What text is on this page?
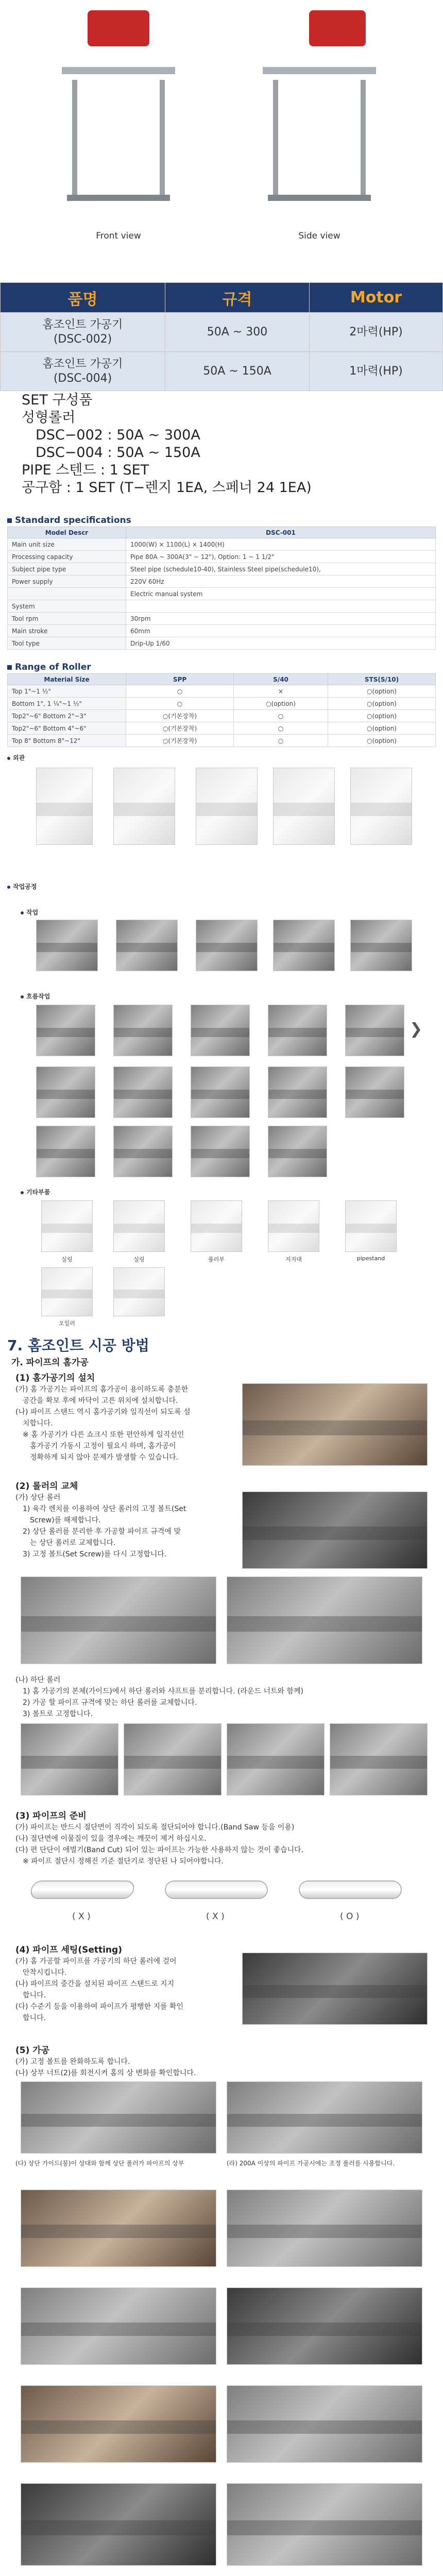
Front view	Side view
품명	규격	Motor
홈조인트 가공기
(DSC-002)	50A ~ 300	2마력(HP)
홈조인트 가공기
(DSC-004)	50A ~ 150A	1마력(HP)
SET 구성품
성형롤러
　DSC−002 : 50A ~ 300A
　DSC−004 : 50A ~ 150A
PIPE 스텐드 : 1 SET
공구함 : 1 SET (T−렌지 1EA, 스페너 24 1EA)
Standard specifications
Model Descr	DSC-001
Main unit size	1000(W) × 1100(L) × 1400(H)
Processing capacity	Pipe 80A ~ 300A(3" ~ 12"), Option: 1 ~ 1 1/2"
Subject pipe type	Steel pipe (schedule10-40), Stainless Steel pipe(schedule10),
Power supply	220V 60Hz
	Electric manual system
System	
Tool rpm	30rpm
Main stroke	60mm
Tool type	Drip-Up 1/60
Range of Roller
Material Size	SPP	S/40	STS(S/10)
Top 1"~1 ½"	○	×	○(option)
Bottom 1", 1 ¼"~1 ½"	○	○(option)	○(option)
Top2"~6" Bottom 2"~3"	○(기본장착)	○	○(option)
Top2"~6" Bottom 4"~6"	○(기본장착)	○	○(option)
Top 8" Bottom 8"~12"	○(기본장착)	○	○(option)
외관
작업공정
작업
흐름작업
❯
기타부품
실링	실링	롤러부	지지대	pipestand
오일러
7. 홈조인트 시공 방법
가. 파이프의 홈가공
(1) 홈가공기의 설치
(가) 홈 가공기는 파이프의 홈가공이 용이하도록 충분한
　공간을 확보 후에 바닥이 고른 위치에 설치합니다.
(나) 파이프 스탠드 역시 홈가공기와 일직선이 되도록 설
　치합니다.
　※ 홈 가공기가 다른 쇼크시 또한 편안하게 일직선인
　　홈가공기 가동시 고정이 필요시 하며, 홈가공이
　　정확하게 되지 않아 문제가 발생할 수 있습니다.
(2) 롤러의 교체
(가) 상단 롤러
　1) 육각 렌치를 이용하여 상단 롤러의 고정 볼트(Set
　　Screw)를 해제합니다.
　2) 상단 롤러를 분리한 후 가공할 파이프 규격에 맞
　　는 상단 롤러로 교체합니다.
　3) 고정 볼트(Set Screw)를 다시 고정합니다.
(나) 하단 롤러
　1) 홈 가공기의 본체(가이드)에서 하단 롤러와 샤프트를 분리합니다. (라운드 너트와 함께)
　2) 가공 할 파이프 규격에 맞는 하단 롤러를 교체합니다.
　3) 볼트로 고정합니다.
(3) 파이프의 준비
(가) 파이프는 반드시 절단면이 직각이 되도록 절단되어야 합니다.(Band Saw 등을 이용)
(나) 절단면에 이물질이 있을 경우에는 깨끗이 제거 하십시오.
(다) 편 단단이 애벌기(Band Cut) 되어 있는 파이프는 가능한 사용하지 않는 것이 좋습니다.
　※ 파이프 절단시 정해진 기준 절단기로 정단된 나 되어야합니다.
( X )	( X )	( O )
(4) 파이프 세팅(Setting)
(가) 홈 가공할 파이프를 가공기의 하단 롤러에 걸어
　안착시킵니다.
(나) 파이프의 중간을 설치된 파이프 스탠드로 지지
　합니다.
(다) 수준기 등을 이용하여 파이프가 평행한 지를 확인
　합니다.
(5) 가공
(가) 고정 볼트를 완화하도록 합니다.
(나) 상부 너트(2)를 회전시켜 홈의 상 변화를 확인합니다.
(다) 상단 가이드(봉)이 상대와 함께 상단 롤러가 파이프의 상부	(라) 200A 이상의 파이프 가공시에는 조정 롤러를 사용합니다.
